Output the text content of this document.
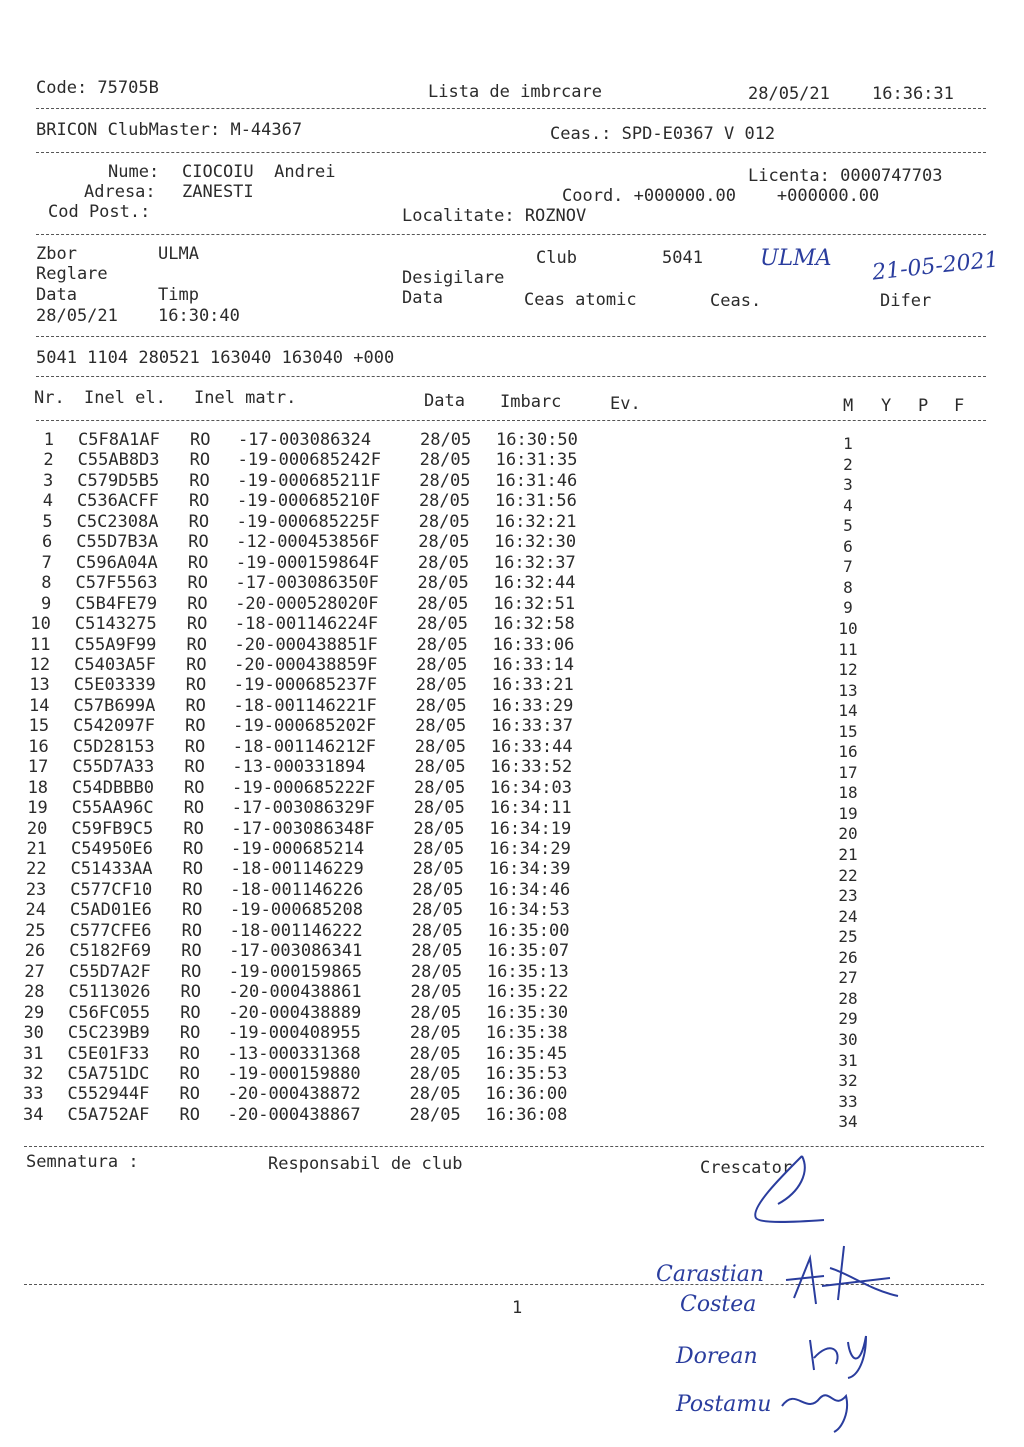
Code: 75705B	Lista de imbrcare	28/05/21 16:36:31
BRICON ClubMaster: M-44367	Ceas.: SPD-E0367 V 012
Nume: CIOCOIU  Andrei	Licenta: 0000747703
Adresa: ZANESTI	Coord. +000000.00    +000000.00
Cod Post.:	Localitate: ROZNOV
Zbor	ULMA	Club	5041	ULMA 21-05-2021
Reglare	Desigilare
Data	Timp	Data	Ceas atomic	Ceas.	Difer
28/05/21 16:30:40
5041 1104 280521 163040 163040 +000
Nr. Inel el. Inel matr.	Data Imbarc	Ev.	M Y P F
1 C5F8A1AF RO -17-003086324	28/05 16:30:50	1
2 C55AB8D3 RO -19-000685242F 28/05 16:31:35	2
3 C579D5B5 RO -19-000685211F 28/05 16:31:46	3
4 C536ACFF RO -19-000685210F 28/05 16:31:56	4
5 C5C2308A RO -19-000685225F 28/05 16:32:21	5
6 C55D7B3A RO -12-000453856F 28/05 16:32:30	6
7 C596A04A RO -19-000159864F 28/05 16:32:37	7
8 C57F5563 RO -17-003086350F 28/05 16:32:44	8
9 C5B4FE79 RO -20-000528020F 28/05 16:32:51	9
10 C5143275 RO -18-001146224F 28/05 16:32:58	10
11 C55A9F99 RO -20-000438851F 28/05 16:33:06	11
12 C5403A5F RO -20-000438859F 28/05 16:33:14	12
13 C5E03339 RO -19-000685237F 28/05 16:33:21	13
14 C57B699A RO -18-001146221F 28/05 16:33:29	14
15 C542097F RO -19-000685202F 28/05 16:33:37	15
16 C5D28153 RO -18-001146212F 28/05 16:33:44	16
17 C55D7A33 RO -13-000331894	28/05 16:33:52	17
18 C54DBBB0 RO -19-000685222F 28/05 16:34:03	18
19 C55AA96C RO -17-003086329F 28/05 16:34:11	19
20 C59FB9C5 RO -17-003086348F 28/05 16:34:19	20
21 C54950E6 RO -19-000685214	28/05 16:34:29	21
22 C51433AA RO -18-001146229	28/05 16:34:39	22
23 C577CF10 RO -18-001146226	28/05 16:34:46	23
24 C5AD01E6 RO -19-000685208	28/05 16:34:53	24
25 C577CFE6 RO -18-001146222	28/05 16:35:00	25
26 C5182F69 RO -17-003086341	28/05 16:35:07	26
27 C55D7A2F RO -19-000159865	28/05 16:35:13	27
28 C5113026 RO -20-000438861	28/05 16:35:22	28
29 C56FC055 RO -20-000438889	28/05 16:35:30	29
30 C5C239B9 RO -19-000408955	28/05 16:35:38	30
31 C5E01F33 RO -13-000331368	28/05 16:35:45	31
32 C5A751DC RO -19-000159880	28/05 16:35:53	32
33 C552944F RO -20-000438872	28/05 16:36:00	33
34 C5A752AF RO -20-000438867	28/05 16:36:08	34
Semnatura :	Responsabil de club	Crescator
1
Carastian
Costea
Dorean
Postamu
